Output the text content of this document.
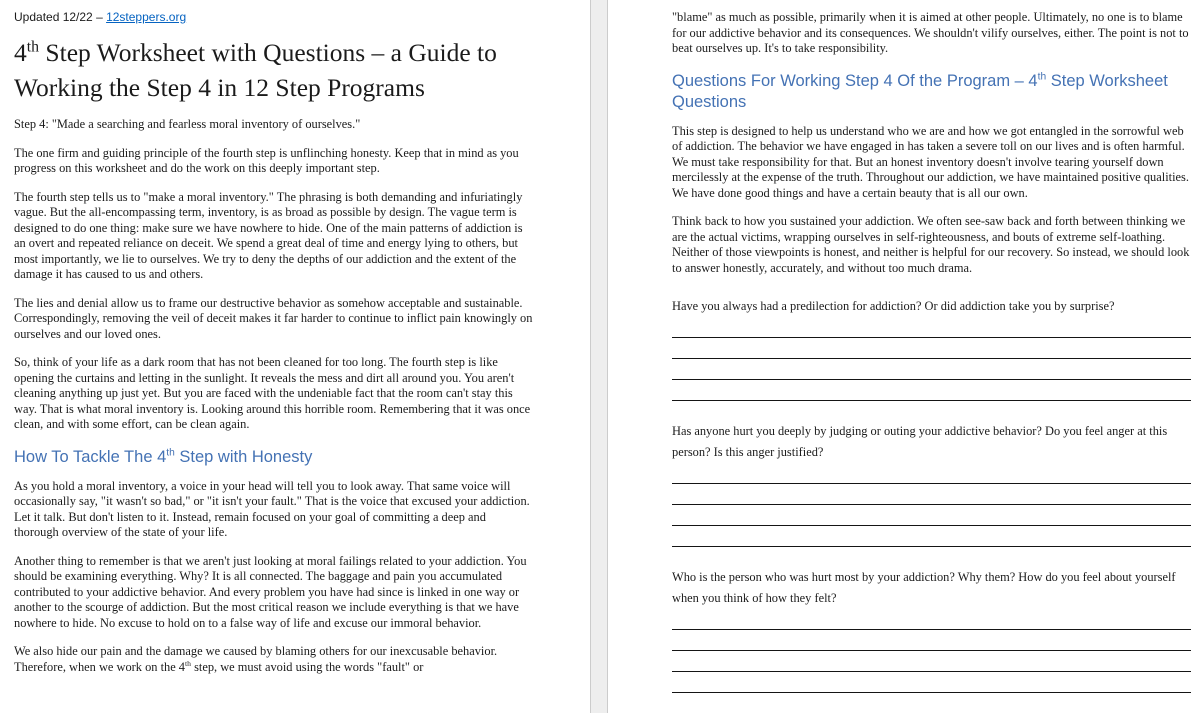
Updated 12/22 – 12steppers.org
4th Step Worksheet with Questions – a Guide to Working the Step 4 in 12 Step Programs

Step 4: "Made a searching and fearless moral inventory of ourselves."

The one firm and guiding principle of the fourth step is unflinching honesty. Keep that in mind as you progress on this worksheet and do the work on this deeply important step.

The fourth step tells us to "make a moral inventory." The phrasing is both demanding and infuriatingly vague. But the all-encompassing term, inventory, is as broad as possible by design. The vague term is designed to do one thing: make sure we have nowhere to hide. One of the main patterns of addiction is an overt and repeated reliance on deceit. We spend a great deal of time and energy lying to others, but most importantly, we lie to ourselves. We try to deny the depths of our addiction and the extent of the damage it has caused to us and others.

The lies and denial allow us to frame our destructive behavior as somehow acceptable and sustainable. Correspondingly, removing the veil of deceit makes it far harder to continue to inflict pain knowingly on ourselves and our loved ones.

So, think of your life as a dark room that has not been cleaned for too long. The fourth step is like opening the curtains and letting in the sunlight. It reveals the mess and dirt all around you. You aren't cleaning anything up just yet. But you are faced with the undeniable fact that the room can't stay this way. That is what moral inventory is. Looking around this horrible room. Remembering that it was once clean, and with some effort, can be clean again.

How To Tackle The 4th Step with Honesty

As you hold a moral inventory, a voice in your head will tell you to look away. That same voice will occasionally say, "it wasn't so bad," or "it isn't your fault." That is the voice that excused your addiction. Let it talk. But don't listen to it. Instead, remain focused on your goal of committing a deep and thorough overview of the state of your life.

Another thing to remember is that we aren't just looking at moral failings related to your addiction. You should be examining everything. Why? It is all connected. The baggage and pain you accumulated contributed to your addictive behavior. And every problem you have had since is linked in one way or another to the scourge of addiction. But the most critical reason we include everything is that we have nowhere to hide. No excuse to hold on to a false way of life and excuse our immoral behavior.

We also hide our pain and the damage we caused by blaming others for our inexcusable behavior. Therefore, when we work on the 4th step, we must avoid using the words "fault" or

"blame" as much as possible, primarily when it is aimed at other people. Ultimately, no one is to blame for our addictive behavior and its consequences. We shouldn't vilify ourselves, either. The point is not to beat ourselves up. It's to take responsibility.

Questions For Working Step 4 Of the Program – 4th Step Worksheet Questions

This step is designed to help us understand who we are and how we got entangled in the sorrowful web of addiction. The behavior we have engaged in has taken a severe toll on our lives and is often harmful. We must take responsibility for that. But an honest inventory doesn't involve tearing yourself down mercilessly at the expense of the truth. Throughout our addiction, we have maintained positive qualities. We have done good things and have a certain beauty that is all our own.

Think back to how you sustained your addiction. We often see-saw back and forth between thinking we are the actual victims, wrapping ourselves in self-righteousness, and bouts of extreme self-loathing. Neither of those viewpoints is honest, and neither is helpful for our recovery. So instead, we should look to answer honestly, accurately, and without too much drama.

Have you always had a predilection for addiction? Or did addiction take you by surprise?

Has anyone hurt you deeply by judging or outing your addictive behavior? Do you feel anger at this person? Is this anger justified?

Who is the person who was hurt most by your addiction? Why them? How do you feel about yourself when you think of how they felt?
